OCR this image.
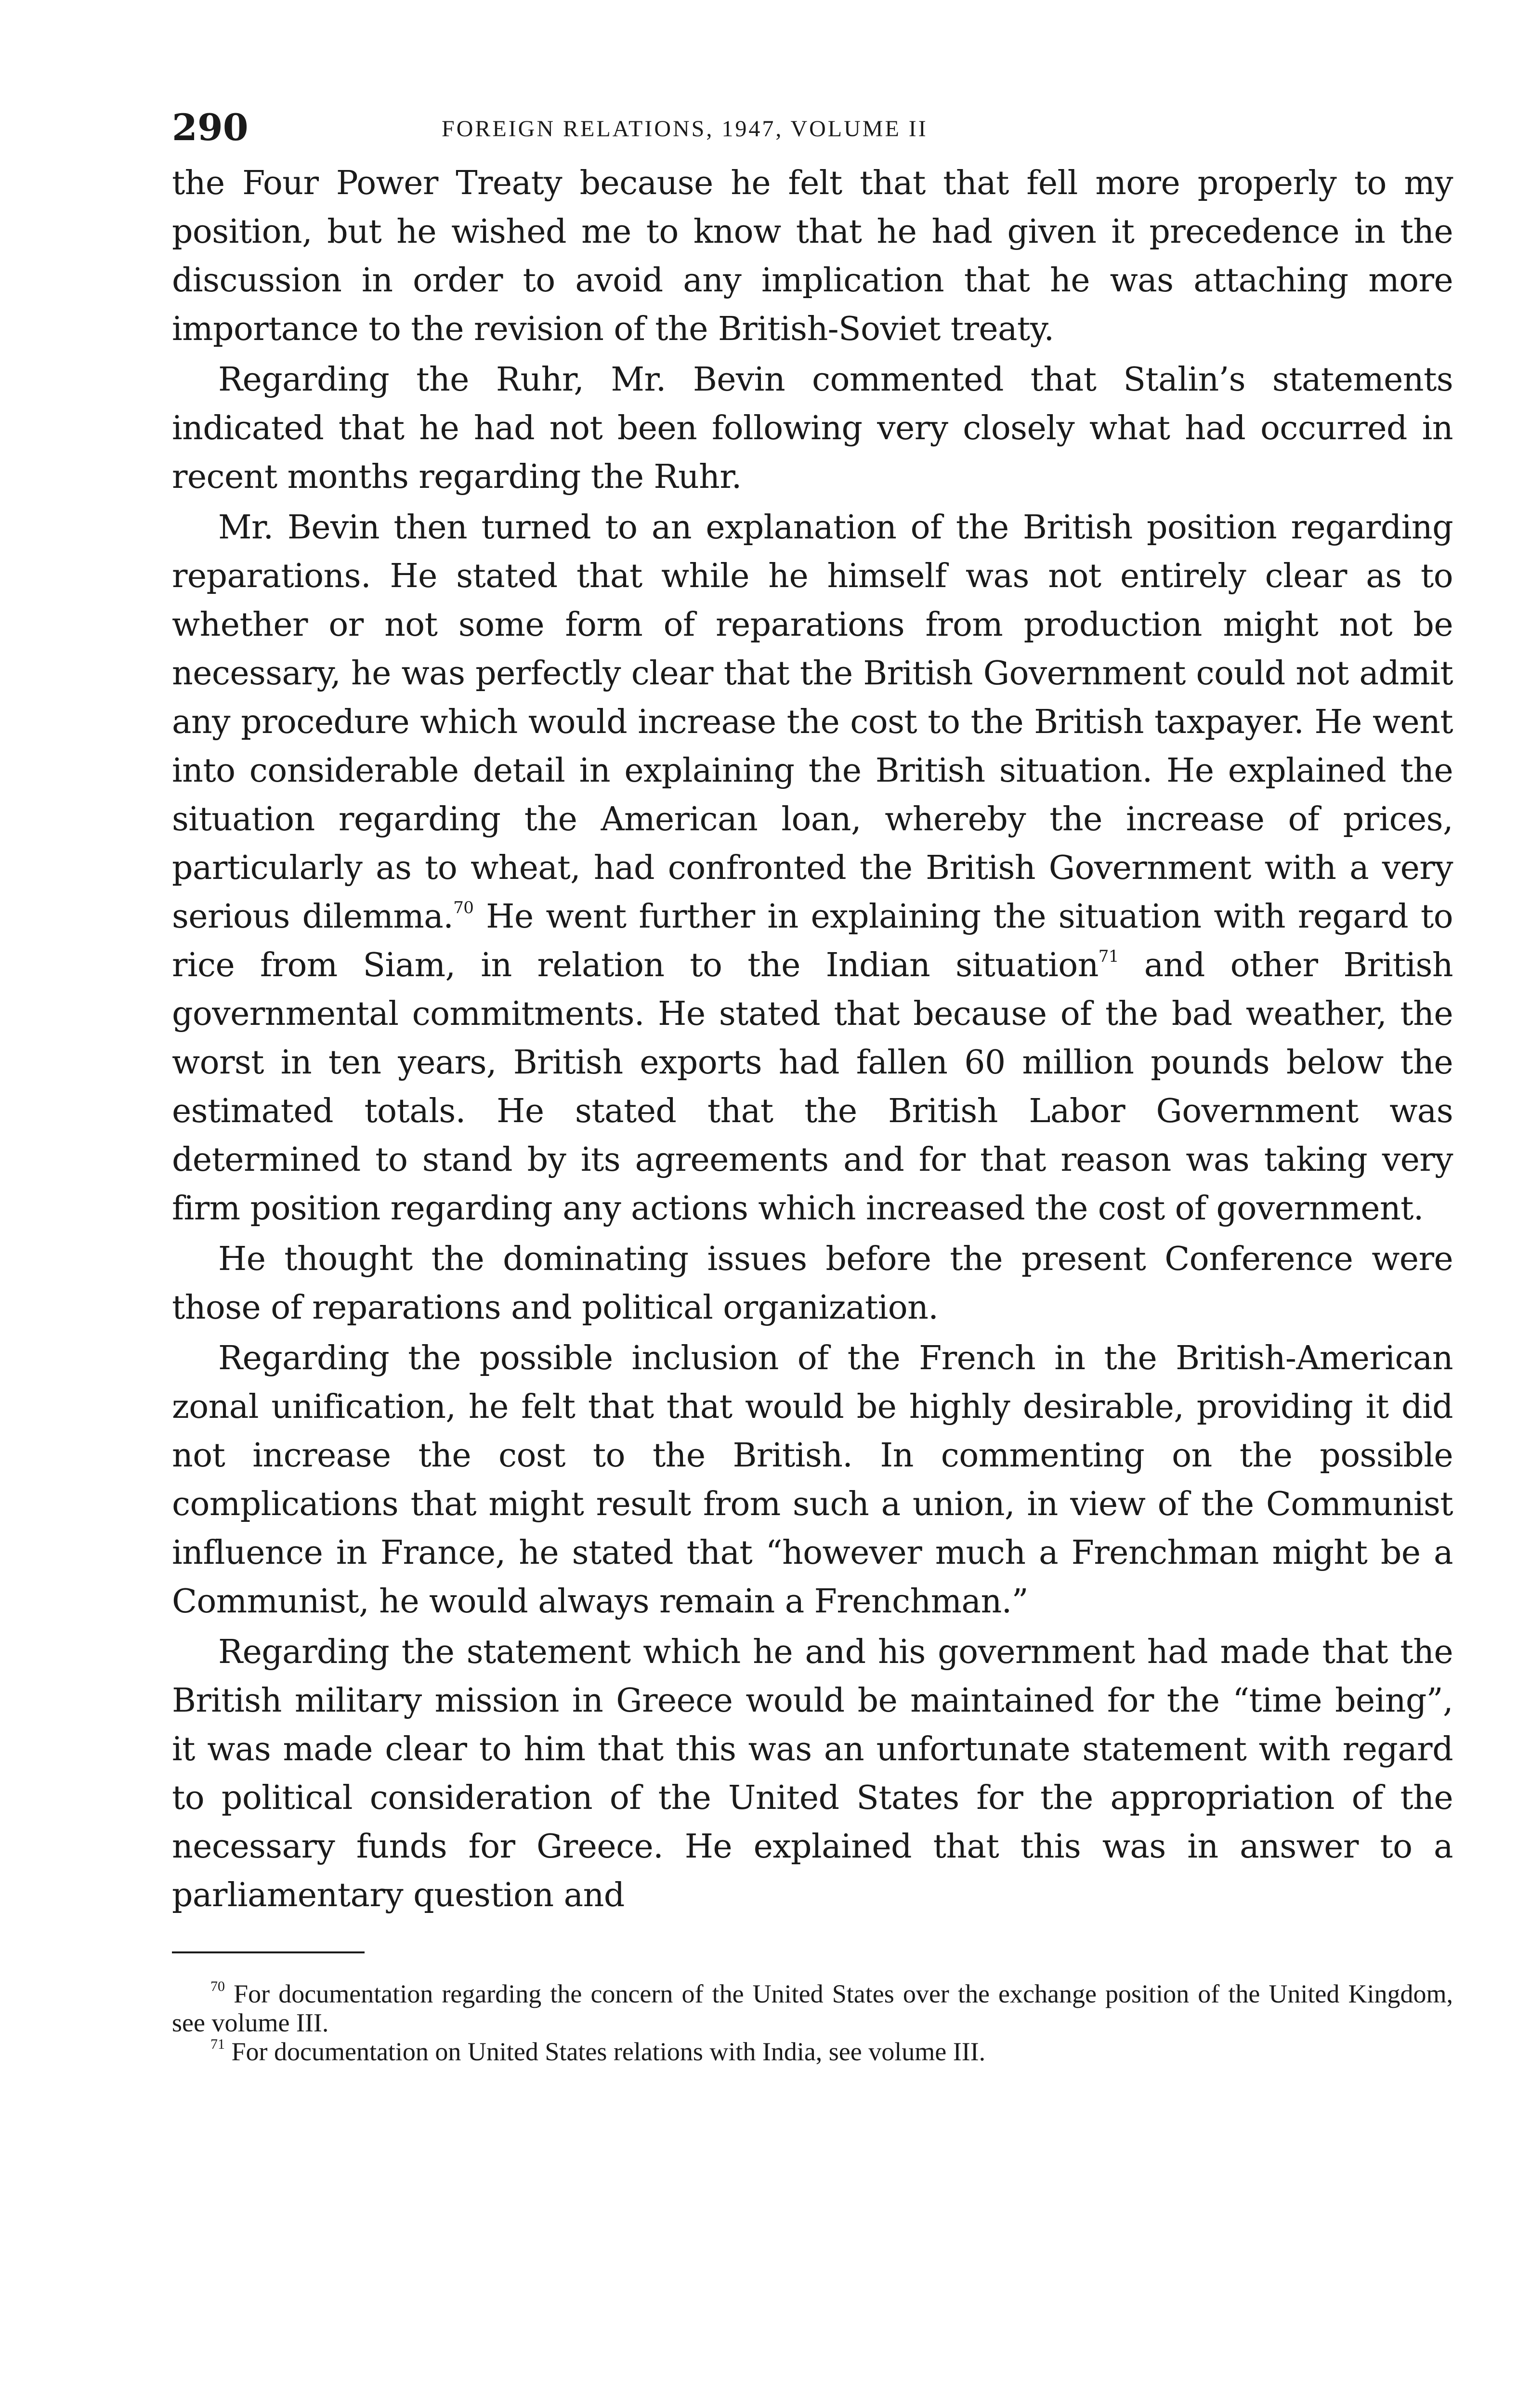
290	FOREIGN RELATIONS, 1947, VOLUME II

the Four Power Treaty because he felt that that fell more properly to my position, but he wished me to know that he had given it precedence in the discussion in order to avoid any implication that he was attaching more importance to the revision of the British-Soviet treaty.

Regarding the Ruhr, Mr. Bevin commented that Stalin’s statements indicated that he had not been following very closely what had occurred in recent months regarding the Ruhr.

Mr. Bevin then turned to an explanation of the British position regarding reparations. He stated that while he himself was not entirely clear as to whether or not some form of reparations from production might not be necessary, he was perfectly clear that the British Government could not admit any procedure which would increase the cost to the British taxpayer. He went into considerable detail in explaining the British situation. He explained the situation regarding the American loan, whereby the increase of prices, particularly as to wheat, had confronted the British Government with a very serious dilemma.$^{70}$ He went further in explaining the situation with regard to rice from Siam, in relation to the Indian situation$^{71}$ and other British governmental commitments. He stated that because of the bad weather, the worst in ten years, British exports had fallen 60 million pounds below the estimated totals. He stated that the British Labor Government was determined to stand by its agreements and for that reason was taking very firm position regarding any actions which increased the cost of government.

He thought the dominating issues before the present Conference were those of reparations and political organization.

Regarding the possible inclusion of the French in the British-American zonal unification, he felt that that would be highly desirable, providing it did not increase the cost to the British. In commenting on the possible complications that might result from such a union, in view of the Communist influence in France, he stated that “however much a Frenchman might be a Communist, he would always remain a Frenchman.”

Regarding the statement which he and his government had made that the British military mission in Greece would be maintained for the “time being”, it was made clear to him that this was an unfortunate statement with regard to political consideration of the United States for the appropriation of the necessary funds for Greece. He explained that this was in answer to a parliamentary question and

$^{70}$ For documentation regarding the concern of the United States over the exchange position of the United Kingdom, see volume III.

$^{71}$ For documentation on United States relations with India, see volume III.
